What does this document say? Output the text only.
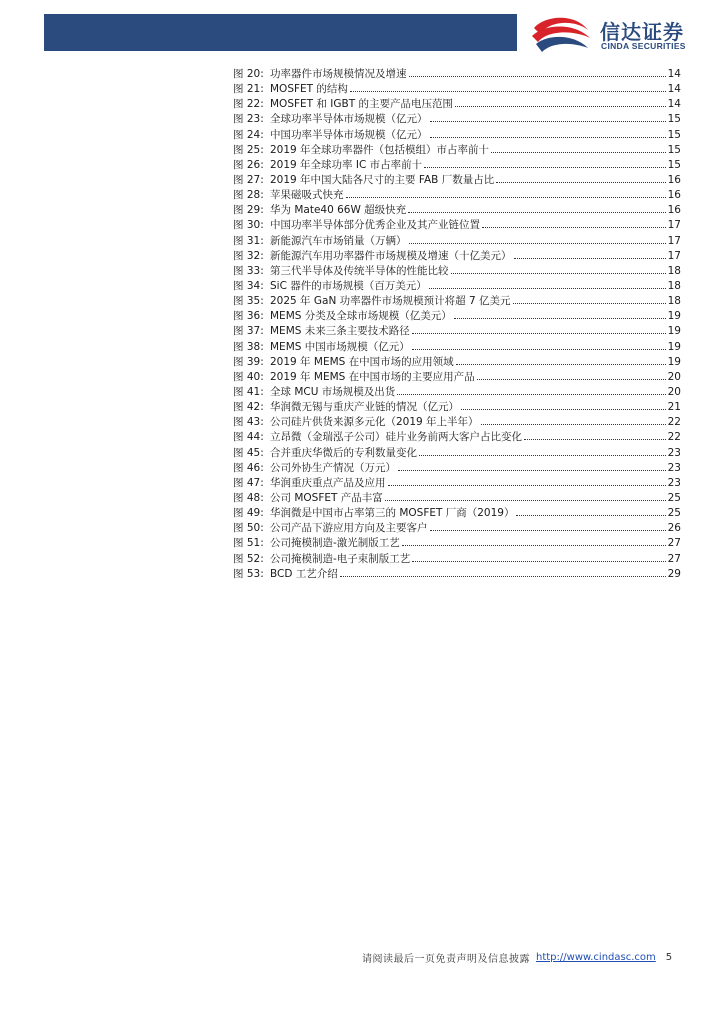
信达证券
CINDA SECURITIES
图 20: 功率器件市场规模情况及增速	14
图 21: MOSFET 的结构	14
图 22: MOSFET 和 IGBT 的主要产品电压范围	14
图 23: 全球功率半导体市场规模（亿元）	15
图 24: 中国功率半导体市场规模（亿元）	15
图 25: 2019 年全球功率器件（包括模组）市占率前十	15
图 26: 2019 年全球功率 IC 市占率前十	15
图 27: 2019 年中国大陆各尺寸的主要 FAB 厂数量占比	16
图 28: 苹果磁吸式快充	16
图 29: 华为 Mate40 66W 超级快充	16
图 30: 中国功率半导体部分优秀企业及其产业链位置	17
图 31: 新能源汽车市场销量（万辆）	17
图 32: 新能源汽车用功率器件市场规模及增速（十亿美元）	17
图 33: 第三代半导体及传统半导体的性能比较	18
图 34: SiC 器件的市场规模（百万美元）	18
图 35: 2025 年 GaN 功率器件市场规模预计将超 7 亿美元	18
图 36: MEMS 分类及全球市场规模（亿美元）	19
图 37: MEMS 未来三条主要技术路径	19
图 38: MEMS 中国市场规模（亿元）	19
图 39: 2019 年 MEMS 在中国市场的应用领域	19
图 40: 2019 年 MEMS 在中国市场的主要应用产品	20
图 41: 全球 MCU 市场规模及出货	20
图 42: 华润微无锡与重庆产业链的情况（亿元）	21
图 43: 公司硅片供货来源多元化（2019 年上半年）	22
图 44: 立昂微（金瑞泓子公司）硅片业务前两大客户占比变化	22
图 45: 合并重庆华微后的专利数量变化	23
图 46: 公司外协生产情况（万元）	23
图 47: 华润重庆重点产品及应用	23
图 48: 公司 MOSFET 产品丰富	25
图 49: 华润微是中国市占率第三的 MOSFET 厂商（2019）	25
图 50: 公司产品下游应用方向及主要客户	26
图 51: 公司掩模制造-激光制版工艺	27
图 52: 公司掩模制造-电子束制版工艺	27
图 53: BCD 工艺介绍	29
请阅读最后一页免责声明及信息披露 http://www.cindasc.com 5
